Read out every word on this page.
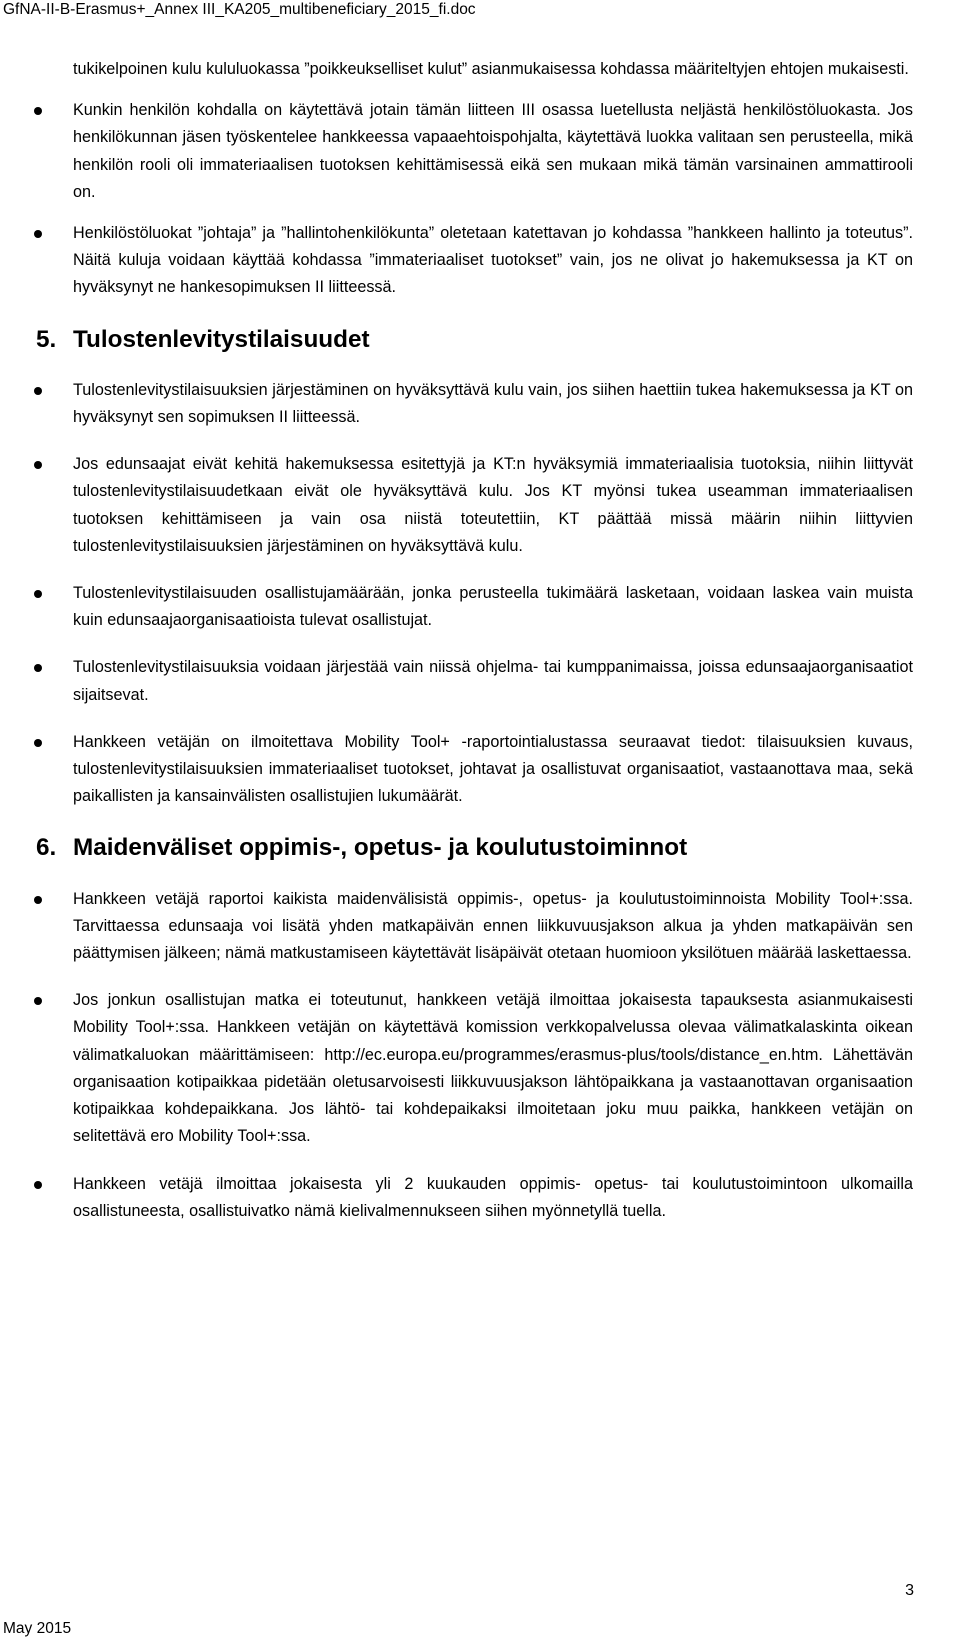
GfNA-II-B-Erasmus+_Annex III_KA205_multibeneficiary_2015_fi.doc

tukikelpoinen kulu kululuokassa ”poikkeukselliset kulut” asianmukaisessa kohdassa määriteltyjen ehtojen mukaisesti.

Kunkin henkilön kohdalla on käytettävä jotain tämän liitteen III osassa luetellusta neljästä henkilöstöluokasta. Jos henkilökunnan jäsen työskentelee hankkeessa vapaaehtoispohjalta, käytettävä luokka valitaan sen perusteella, mikä henkilön rooli oli immateriaalisen tuotoksen kehittämisessä eikä sen mukaan mikä tämän varsinainen ammattirooli on.
Henkilöstöluokat ”johtaja” ja ”hallintohenkilökunta” oletetaan katettavan jo kohdassa ”hankkeen hallinto ja toteutus”. Näitä kuluja voidaan käyttää kohdassa ”immateriaaliset tuotokset” vain, jos ne olivat jo hakemuksessa ja KT on hyväksynyt ne hankesopimuksen II liitteessä.
5. Tulostenlevitystilaisuudet
Tulostenlevitystilaisuuksien järjestäminen on hyväksyttävä kulu vain, jos siihen haettiin tukea hakemuksessa ja KT on hyväksynyt sen sopimuksen II liitteessä.
Jos edunsaajat eivät kehitä hakemuksessa esitettyjä ja KT:n hyväksymiä immateriaalisia tuotoksia, niihin liittyvät tulostenlevitystilaisuudetkaan eivät ole hyväksyttävä kulu. Jos KT myönsi tukea useamman immateriaalisen tuotoksen kehittämiseen ja vain osa niistä toteutettiin, KT päättää missä määrin niihin liittyvien tulostenlevitystilaisuuksien järjestäminen on hyväksyttävä kulu.
Tulostenlevitystilaisuuden osallistujamäärään, jonka perusteella tukimäärä lasketaan, voidaan laskea vain muista kuin edunsaajaorganisaatioista tulevat osallistujat.
Tulostenlevitystilaisuuksia voidaan järjestää vain niissä ohjelma- tai kumppanimaissa, joissa edunsaajaorganisaatiot sijaitsevat.
Hankkeen vetäjän on ilmoitettava Mobility Tool+ -raportointialustassa seuraavat tiedot: tilaisuuksien kuvaus, tulostenlevitystilaisuuksien immateriaaliset tuotokset, johtavat ja osallistuvat organisaatiot, vastaanottava maa, sekä paikallisten ja kansainvälisten osallistujien lukumäärät.
6. Maidenväliset oppimis-, opetus- ja koulutustoiminnot
Hankkeen vetäjä raportoi kaikista maidenvälisistä oppimis-, opetus- ja koulutustoiminnoista Mobility Tool+:ssa. Tarvittaessa edunsaaja voi lisätä yhden matkapäivän ennen liikkuvuusjakson alkua ja yhden matkapäivän sen päättymisen jälkeen; nämä matkustamiseen käytettävät lisäpäivät otetaan huomioon yksilötuen määrää laskettaessa.
Jos jonkun osallistujan matka ei toteutunut, hankkeen vetäjä ilmoittaa jokaisesta tapauksesta asianmukaisesti Mobility Tool+:ssa. Hankkeen vetäjän on käytettävä komission verkkopalvelussa olevaa välimatkalaskinta oikean välimatkaluokan määrittämiseen: http://ec.europa.eu/programmes/erasmus-plus/tools/distance_en.htm. Lähettävän organisaation kotipaikkaa pidetään oletusarvoisesti liikkuvuusjakson lähtöpaikkana ja vastaanottavan organisaation kotipaikkaa kohdepaikkana. Jos lähtö- tai kohdepaikaksi ilmoitetaan joku muu paikka, hankkeen vetäjän on selitettävä ero Mobility Tool+:ssa.
Hankkeen vetäjä ilmoittaa jokaisesta yli 2 kuukauden oppimis- opetus- tai koulutustoimintoon ulkomailla osallistuneesta, osallistuivatko nämä kielivalmennukseen siihen myönnetyllä tuella.
3
May 2015
